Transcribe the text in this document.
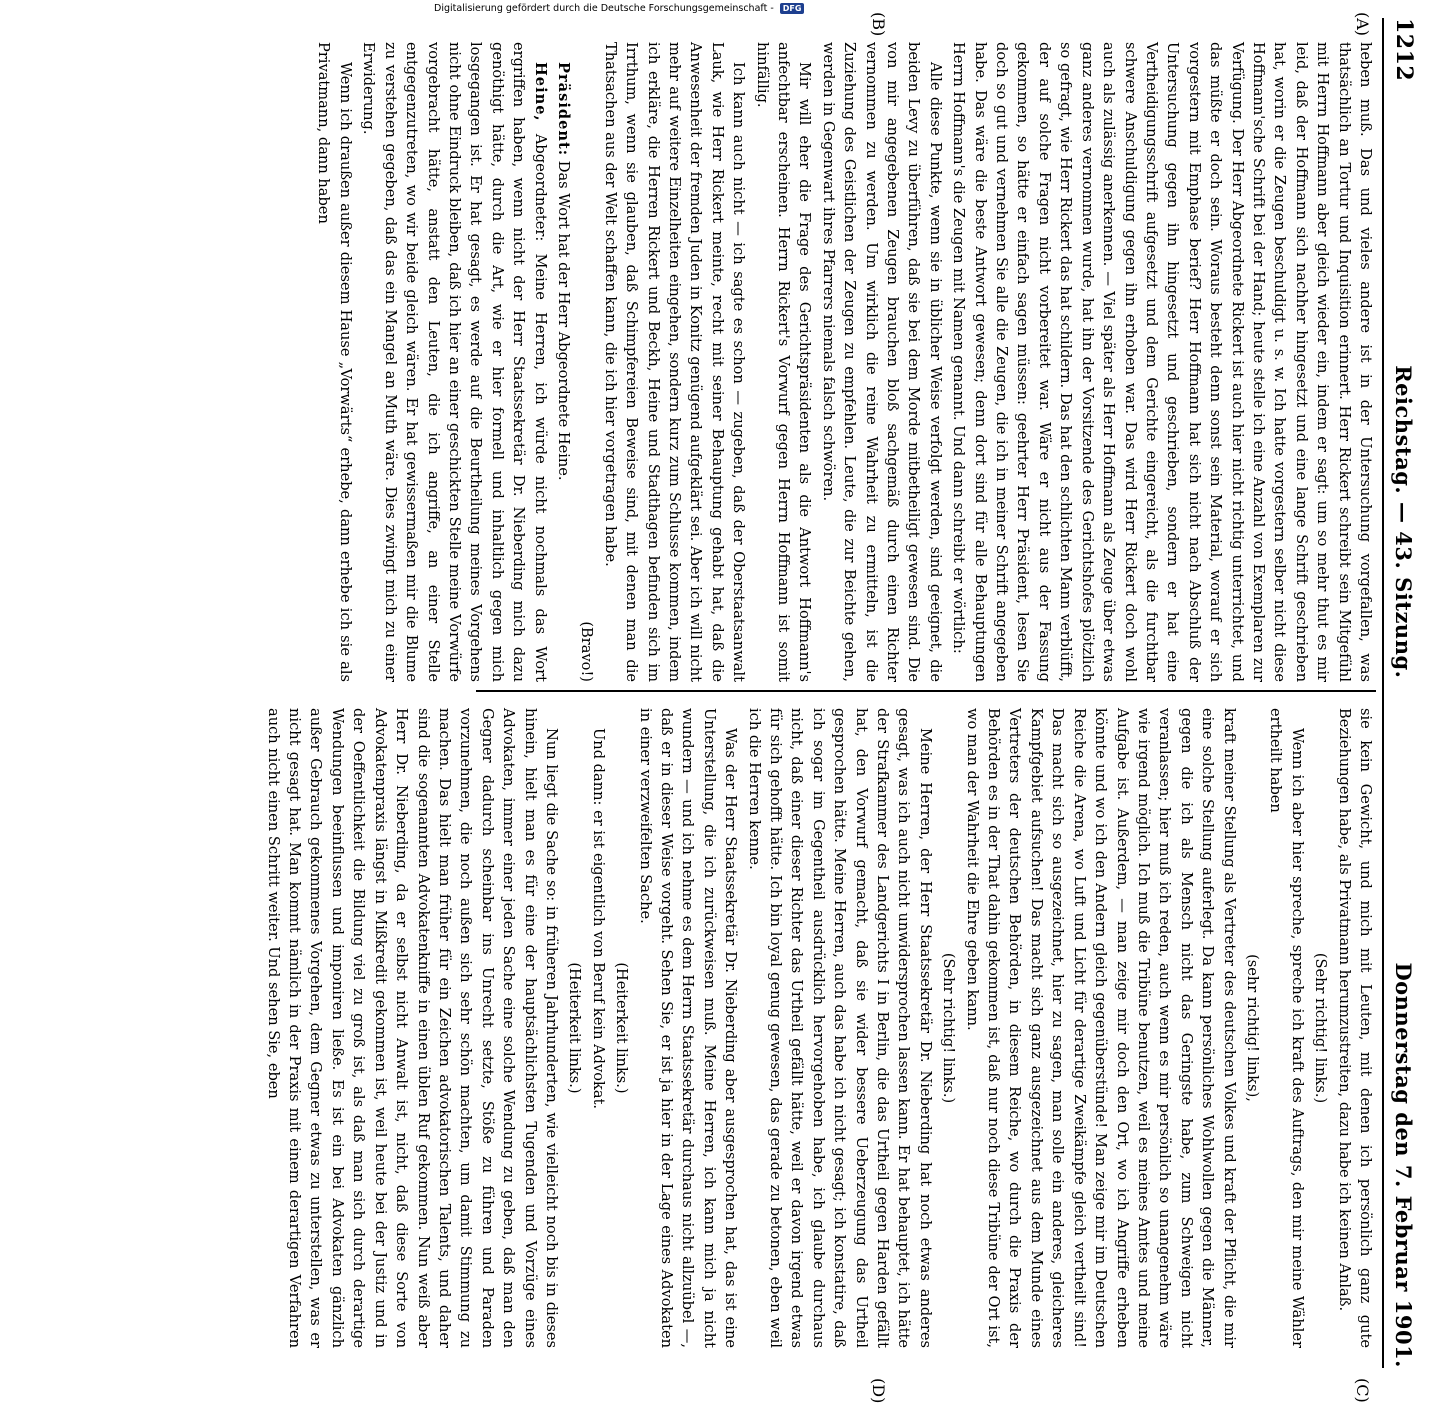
1212
Reichstag. — 43. Sitzung.
Donnerstag den 7. Februar 1901.
(A)
(B)
(C)
(D)

heben muß. Das und vieles andere ist in der Untersuchung vorgefallen, was thatsächlich an Tortur und Inquisition erinnert. Herr Rickert schreibt sein Mitgefühl mit Herrn Hoffmann aber gleich wieder ein, indem er sagt: um so mehr thut es mir leid, daß der Hoffmann sich nachher hingesetzt und eine lange Schrift geschrieben hat, worin er die Zeugen beschuldigt u. s. w. Ich hatte vorgestern selber nicht diese Hoffmann'sche Schrift bei der Hand; heute stelle ich eine Anzahl von Exemplaren zur Verfügung. Der Herr Abgeordnete Rickert ist auch hier nicht richtig unterrichtet, und das müßte er doch sein. Woraus besteht denn sonst sein Material, worauf er sich vorgestern mit Emphase berief? Herr Hoffmann hat sich nicht nach Abschluß der Untersuchung gegen ihn hingesetzt und geschrieben, sondern er hat eine Vertheidigungsschrift aufgesetzt und dem Gerichte eingereicht, als die furchtbar schwere Anschuldigung gegen ihn erhoben war. Das wird Herr Rickert doch wohl auch als zulässig anerkennen. — Viel später als Herr Hoffmann als Zeuge über etwas ganz anderes vernommen wurde, hat ihn der Vorsitzende des Gerichtshofes plötzlich so gefragt, wie Herr Rickert das hat schildern. Das hat den schlichten Mann verblüfft, der auf solche Fragen nicht vorbereitet war. Wäre er nicht aus der Fassung gekommen, so hätte er einfach sagen müssen: geehrter Herr Präsident, lesen Sie doch so gut und vernehmen Sie alle die Zeugen, die ich in meiner Schrift angegeben habe. Das wäre die beste Antwort gewesen; denn dort sind für alle Behauptungen Herrn Hoffmann's die Zeugen mit Namen genannt. Und dann schreibt er wörtlich:

Alle diese Punkte, wenn sie in üblicher Weise verfolgt werden, sind geeignet, die beiden Levy zu überführen, daß sie bei dem Morde mitbetheiligt gewesen sind. Die von mir angegebenen Zeugen brauchen bloß sachgemäß durch einen Richter vernommen zu werden. Um wirklich die reine Wahrheit zu ermitteln, ist die Zuziehung des Geistlichen der Zeugen zu empfehlen. Leute, die zur Beichte gehen, werden in Gegenwart ihres Pfarrers niemals falsch schwören.

Mir will eher die Frage des Gerichtspräsidenten als die Antwort Hoffmann's anfechtbar erscheinen. Herrn Rickert's Vorwurf gegen Herrn Hoffmann ist somit hinfällig.

Ich kann auch nicht — ich sagte es schon — zugeben, daß der Oberstaatsanwalt Lauk, wie Herr Rickert meinte, recht mit seiner Behauptung gehabt hat, daß die Anwesenheit der fremden Juden in Konitz genügend aufgeklärt sei. Aber ich will nicht mehr auf weitere Einzelheiten eingehen, sondern kurz zum Schlusse kommen, indem ich erkläre, die Herren Rickert und Beckh, Heine und Stadthagen befinden sich im Irrthum, wenn sie glauben, daß Schimpfereien Beweise sind, mit denen man die Thatsachen aus der Welt schaffen kann, die ich hier vorgetragen habe.

(Bravo!)

Präsident: Das Wort hat der Herr Abgeordnete Heine.

Heine, Abgeordneter: Meine Herren, ich würde nicht nochmals das Wort ergriffen haben, wenn nicht der Herr Staatssekretär Dr. Nieberding mich dazu genöthigt hätte, durch die Art, wie er hier formell und inhaltlich gegen mich losgegangen ist. Er hat gesagt, es werde auf die Beurtheilung meines Vorgehens nicht ohne Eindruck bleiben, daß ich hier an einer geschickten Stelle meine Vorwürfe vorgebracht hätte, anstatt den Leuten, die ich angriffe, an einer Stelle entgegenzutreten, wo wir beide gleich wären. Er hat gewissermaßen mir die Blume zu verstehen gegeben, daß das ein Mangel an Muth wäre. Dies zwingt mich zu einer Erwiderung.

Wenn ich draußen außer diesem Hause „Vorwärts“ erhebe, dann erhebe ich sie als Privatmann, dann haben

sie kein Gewicht, und mich mit Leuten, mit denen ich persönlich ganz gute Beziehungen habe, als Privatmann herumzustreiten, dazu habe ich keinen Anlaß.

(Sehr richtig! links.)

Wenn ich aber hier spreche, spreche ich kraft des Auftrags, den mir meine Wähler ertheilt haben

(sehr richtig! links),

kraft meiner Stellung als Vertreter des deutschen Volkes und kraft der Pflicht, die mir eine solche Stellung auferlegt. Da kann persönliches Wohlwollen gegen die Männer, gegen die ich als Mensch nicht das Geringste habe, zum Schweigen nicht veranlassen; hier muß ich reden, auch wenn es mir persönlich so unangenehm wäre wie irgend möglich. Ich muß die Tribüne benutzen, weil es meines Amtes und meine Aufgabe ist. Außerdem, — man zeige mir doch den Ort, wo ich Angriffe erheben könnte und wo ich den Andern gleich gegenüberstünde! Man zeige mir im Deutschen Reiche die Arena, wo Luft und Licht für derartige Zweikämpfe gleich vertheilt sind! Das macht sich so ausgezeichnet, hier zu sagen, man solle ein anderes, gleicheres Kampfgebiet aufsuchen! Das macht sich ganz ausgezeichnet aus dem Munde eines Vertreters der deutschen Behörden, in diesem Reiche, wo durch die Praxis der Behörden es in der That dahin gekommen ist, daß nur noch diese Tribüne der Ort ist, wo man der Wahrheit die Ehre geben kann.

(Sehr richtig! links.)

Meine Herren, der Herr Staatssekretär Dr. Nieberding hat noch etwas anderes gesagt, was ich auch nicht unwidersprochen lassen kann. Er hat behauptet, ich hätte der Strafkammer des Landgerichts I in Berlin, die das Urtheil gegen Harden gefällt hat, den Vorwurf gemacht, daß sie wider bessere Ueberzeugung das Urtheil gesprochen hätte. Meine Herren, auch das habe ich nicht gesagt; ich konstatire, daß ich sogar im Gegentheil ausdrücklich hervorgehoben habe, ich glaube durchaus nicht, daß einer dieser Richter das Urtheil gefällt hätte, weil er davon irgend etwas für sich gehofft hätte. Ich bin loyal genug gewesen, das gerade zu betonen, eben weil ich die Herren kenne.

Was der Herr Staatssekretär Dr. Nieberding aber ausgesprochen hat, das ist eine Unterstellung, die ich zurückweisen muß. Meine Herren, ich kann mich ja nicht wundern — und ich nehme es dem Herrn Staatssekretär durchaus nicht allzuübel —, daß er in dieser Weise vorgeht. Sehen Sie, er ist ja hier in der Lage eines Advokaten in einer verzweifelten Sache.

(Heiterkeit links.)

Und dann: er ist eigentlich von Beruf kein Advokat.

(Heiterkeit links.)

Nun liegt die Sache so: in früheren Jahrhunderten, wie vielleicht noch bis in dieses hinein, hielt man es für eine der hauptsächlichsten Tugenden und Vorzüge eines Advokaten, immer einer jeden Sache eine solche Wendung zu geben, daß man den Gegner dadurch scheinbar ins Unrecht setzte, Stöße zu führen und Paraden vorzunehmen, die noch außen sich sehr schön machten, um damit Stimmung zu machen. Das hielt man früher für ein Zeichen advokatorischen Talents, und daher sind die sogenannten Advokatenkniffe in einen üblen Ruf gekommen. Nun weiß aber Herr Dr. Nieberding, da er selbst nicht Anwalt ist, nicht, daß diese Sorte von Advokatenpraxis längst in Mißkredit gekommen ist, weil heute bei der Justiz und in der Oeffentlichkeit die Bildung viel zu groß ist, als daß man sich durch derartige Wendungen beeinflussen und imponiren ließe. Es ist ein bei Advokaten gänzlich außer Gebrauch gekommenes Vorgehen, dem Gegner etwas zu unterstellen, was er nicht gesagt hat. Man kommt nämlich in der Praxis mit einem derartigen Verfahren auch nicht einen Schritt weiter. Und sehen Sie, eben

Digitalisierung gefördert durch die Deutsche Forschungsgemeinschaft -	DFG
